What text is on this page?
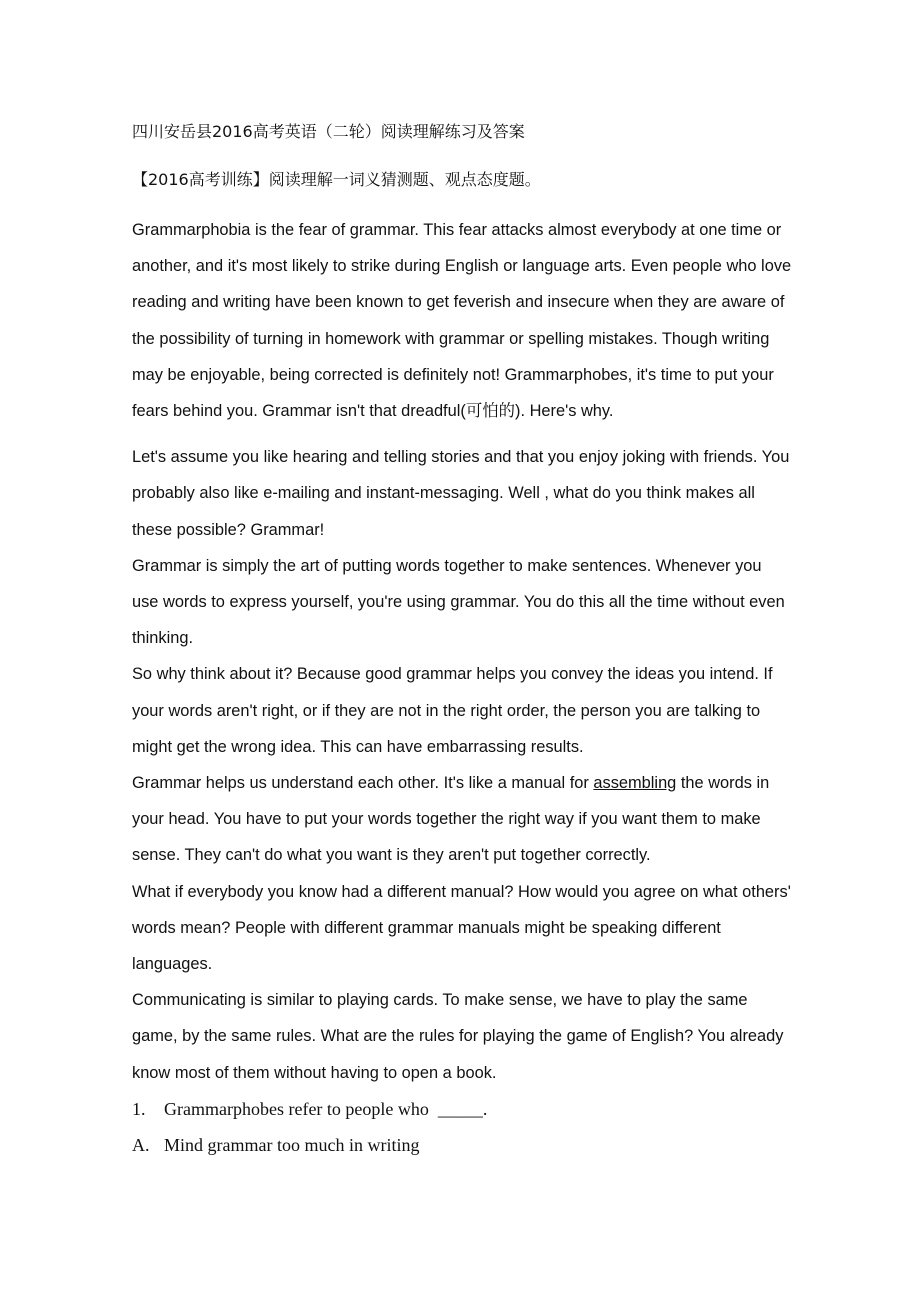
四川安岳县2016高考英语（二轮）阅读理解练习及答案
【2016高考训练】阅读理解一词义猜测题、观点态度题。

Grammarphobia is the fear of grammar. This fear attacks almost everybody at one time or another, and it's most likely to strike during English or language arts. Even people who love reading and writing have been known to get feverish and insecure when they are aware of the possibility of turning in homework with grammar or spelling mistakes. Though writing may be enjoyable, being corrected is definitely not! Grammarphobes, it's time to put your fears behind you. Grammar isn't that dreadful(可怕的). Here's why.

Let's assume you like hearing and telling stories and that you enjoy joking with friends. You probably also like e-mailing and instant-messaging. Well , what do you think makes all these possible? Grammar!

Grammar is simply the art of putting words together to make sentences. Whenever you use words to express yourself, you're using grammar. You do this all the time without even thinking.

So why think about it? Because good grammar helps you convey the ideas you intend. If your words aren't right, or if they are not in the right order, the person you are talking to might get the wrong idea. This can have embarrassing results.

Grammar helps us understand each other. It's like a manual for assembling the words in your head. You have to put your words together the right way if you want them to make sense. They can't do what you want is they aren't put together correctly.

What if everybody you know had a different manual? How would you agree on what others' words mean? People with different grammar manuals might be speaking different languages.

Communicating is similar to playing cards. To make sense, we have to play the same game, by the same rules. What are the rules for playing the game of English? You already know most of them without having to open a book.

1. Grammarphobes refer to people who  _____.
A. Mind grammar too much in writing
